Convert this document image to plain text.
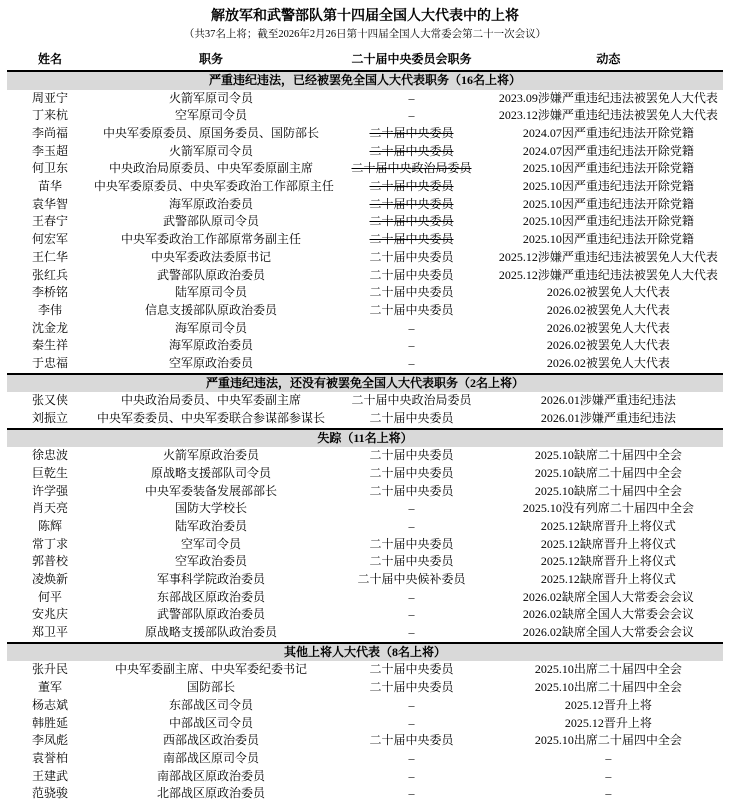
解放军和武警部队第十四届全国人大代表中的上将
（共37名上将；截至2026年2月26日第十四届全国人大常委会第二十一次会议）
姓名	职务	二十届中央委员会职务	动态
严重违纪违法，已经被罢免全国人大代表职务（16名上将）			
周亚宁	火箭军原司令员	–	2023.09涉嫌严重违纪违法被罢免人大代表
丁来杭	空军原司令员	–	2023.12涉嫌严重违纪违法被罢免人大代表
李尚福	中央军委原委员、原国务委员、国防部长	二十届中央委员	2024.07因严重违纪违法开除党籍
李玉超	火箭军原司令员	二十届中央委员	2024.07因严重违纪违法开除党籍
何卫东	中央政治局原委员、中央军委原副主席	二十届中央政治局委员	2025.10因严重违纪违法开除党籍
苗华	中央军委原委员、中央军委政治工作部原主任	二十届中央委员	2025.10因严重违纪违法开除党籍
袁华智	海军原政治委员	二十届中央委员	2025.10因严重违纪违法开除党籍
王春宁	武警部队原司令员	二十届中央委员	2025.10因严重违纪违法开除党籍
何宏军	中央军委政治工作部原常务副主任	二十届中央委员	2025.10因严重违纪违法开除党籍
王仁华	中央军委政法委原书记	二十届中央委员	2025.12涉嫌严重违纪违法被罢免人大代表
张红兵	武警部队原政治委员	二十届中央委员	2025.12涉嫌严重违纪违法被罢免人大代表
李桥铭	陆军原司令员	二十届中央委员	2026.02被罢免人大代表
李伟	信息支援部队原政治委员	二十届中央委员	2026.02被罢免人大代表
沈金龙	海军原司令员	–	2026.02被罢免人大代表
秦生祥	海军原政治委员	–	2026.02被罢免人大代表
于忠福	空军原政治委员	–	2026.02被罢免人大代表
严重违纪违法，还没有被罢免全国人大代表职务（2名上将）			
张又侠	中央政治局委员、中央军委副主席	二十届中央政治局委员	2026.01涉嫌严重违纪违法
刘振立	中央军委委员、中央军委联合参谋部参谋长	二十届中央委员	2026.01涉嫌严重违纪违法
失踪（11名上将）			
徐忠波	火箭军原政治委员	二十届中央委员	2025.10缺席二十届四中全会
巨乾生	原战略支援部队司令员	二十届中央委员	2025.10缺席二十届四中全会
许学强	中央军委装备发展部部长	二十届中央委员	2025.10缺席二十届四中全会
肖天亮	国防大学校长	–	2025.10没有列席二十届四中全会
陈辉	陆军政治委员	–	2025.12缺席晋升上将仪式
常丁求	空军司令员	二十届中央委员	2025.12缺席晋升上将仪式
郭普校	空军政治委员	二十届中央委员	2025.12缺席晋升上将仪式
凌焕新	军事科学院政治委员	二十届中央候补委员	2025.12缺席晋升上将仪式
何平	东部战区原政治委员	–	2026.02缺席全国人大常委会会议
安兆庆	武警部队原政治委员	–	2026.02缺席全国人大常委会会议
郑卫平	原战略支援部队政治委员	–	2026.02缺席全国人大常委会会议
其他上将人大代表（8名上将）			
张升民	中央军委副主席、中央军委纪委书记	二十届中央委员	2025.10出席二十届四中全会
董军	国防部长	二十届中央委员	2025.10出席二十届四中全会
杨志斌	东部战区司令员	–	2025.12晋升上将
韩胜延	中部战区司令员	–	2025.12晋升上将
李凤彪	西部战区政治委员	二十届中央委员	2025.10出席二十届四中全会
袁誉柏	南部战区原司令员	–	–
王建武	南部战区原政治委员	–	–
范骁骏	北部战区原政治委员	–	–
